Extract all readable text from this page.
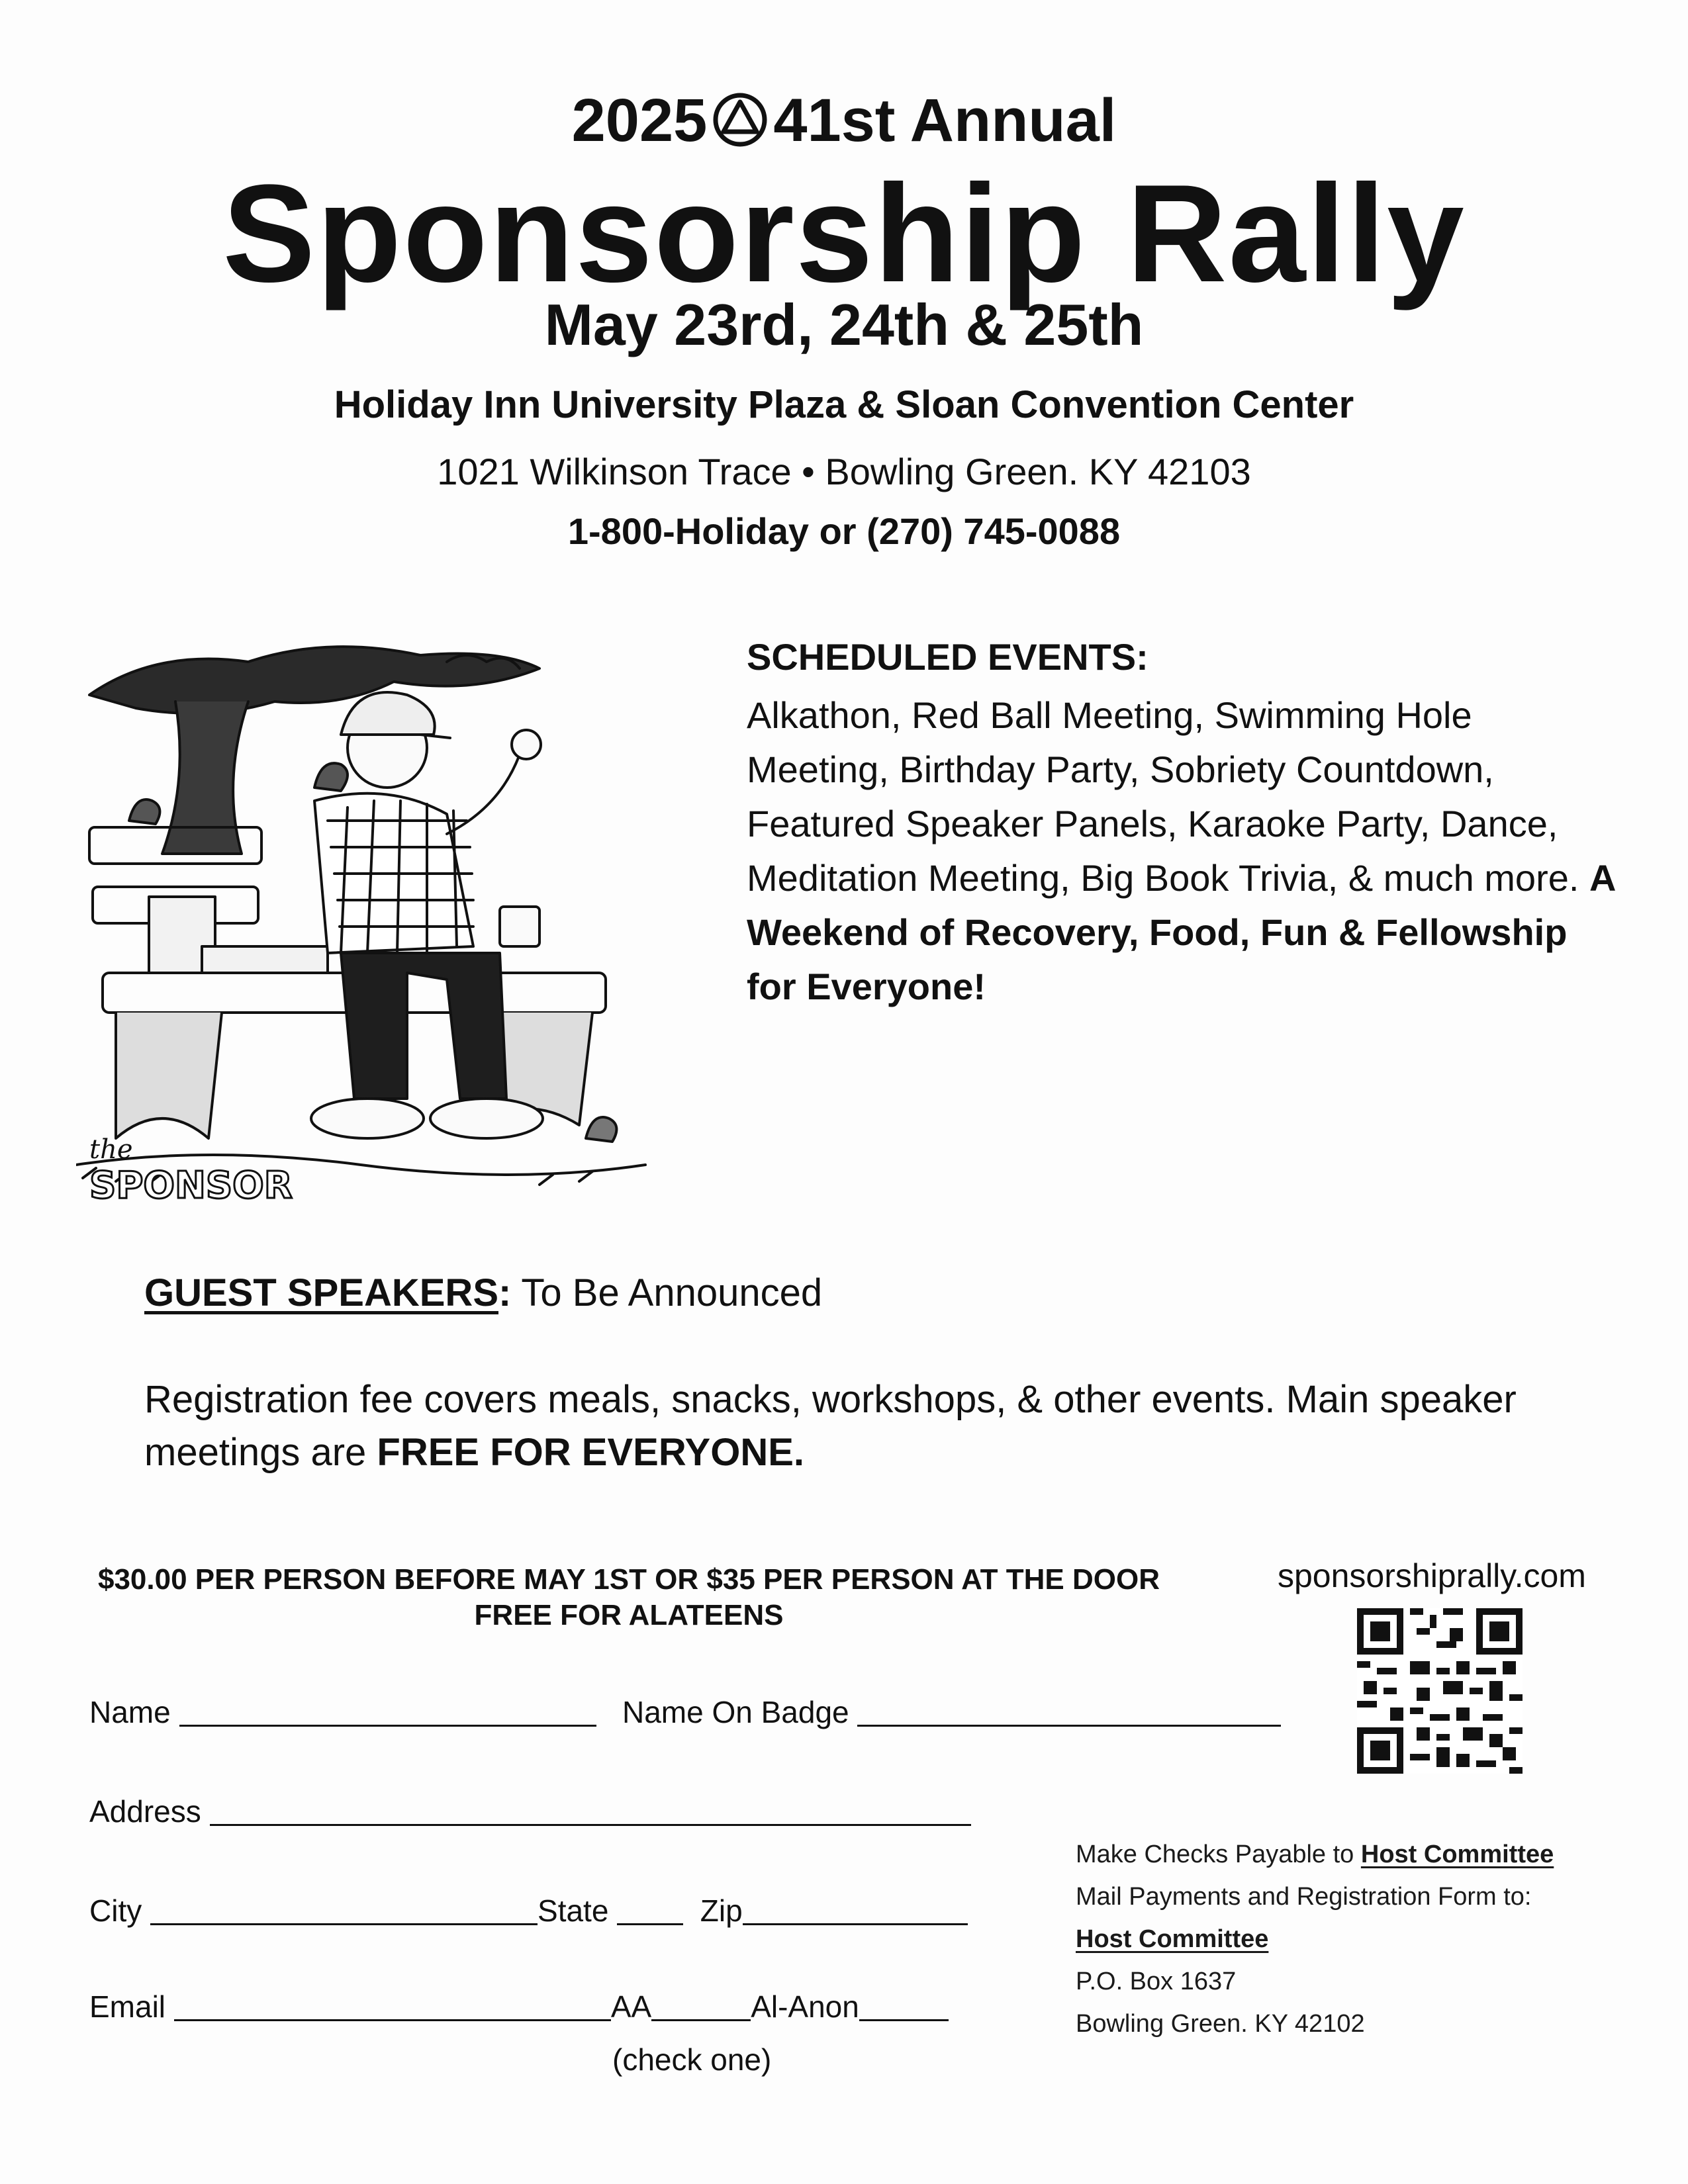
2025 41st Annual
Sponsorship Rally
May 23rd, 24th & 25th
Holiday Inn University Plaza & Sloan Convention Center
1021 Wilkinson Trace • Bowling Green. KY 42103
1-800-Holiday or (270) 745-0088
the
SPONSOR
SCHEDULED EVENTS:
Alkathon, Red Ball Meeting, Swimming Hole Meeting, Birthday Party, Sobriety Countdown, Featured Speaker Panels, Karaoke Party, Dance, Meditation Meeting, Big Book Trivia, & much more. A Weekend of Recovery, Food, Fun & Fellowship for Everyone!
GUEST SPEAKERS: To Be Announced
Registration fee covers meals, snacks, workshops, & other events. Main speaker meetings are FREE FOR EVERYONE.
$30.00 PER PERSON BEFORE MAY 1ST OR $35 PER PERSON AT THE DOOR
FREE FOR ALATEENS
sponsorshiprally.com
Name	Name On Badge
Address
City	State	Zip
Email	AA	Al-Anon
(check one)
Make Checks Payable to Host Committee
Mail Payments and Registration Form to:
Host Committee
P.O. Box 1637
Bowling Green. KY 42102
